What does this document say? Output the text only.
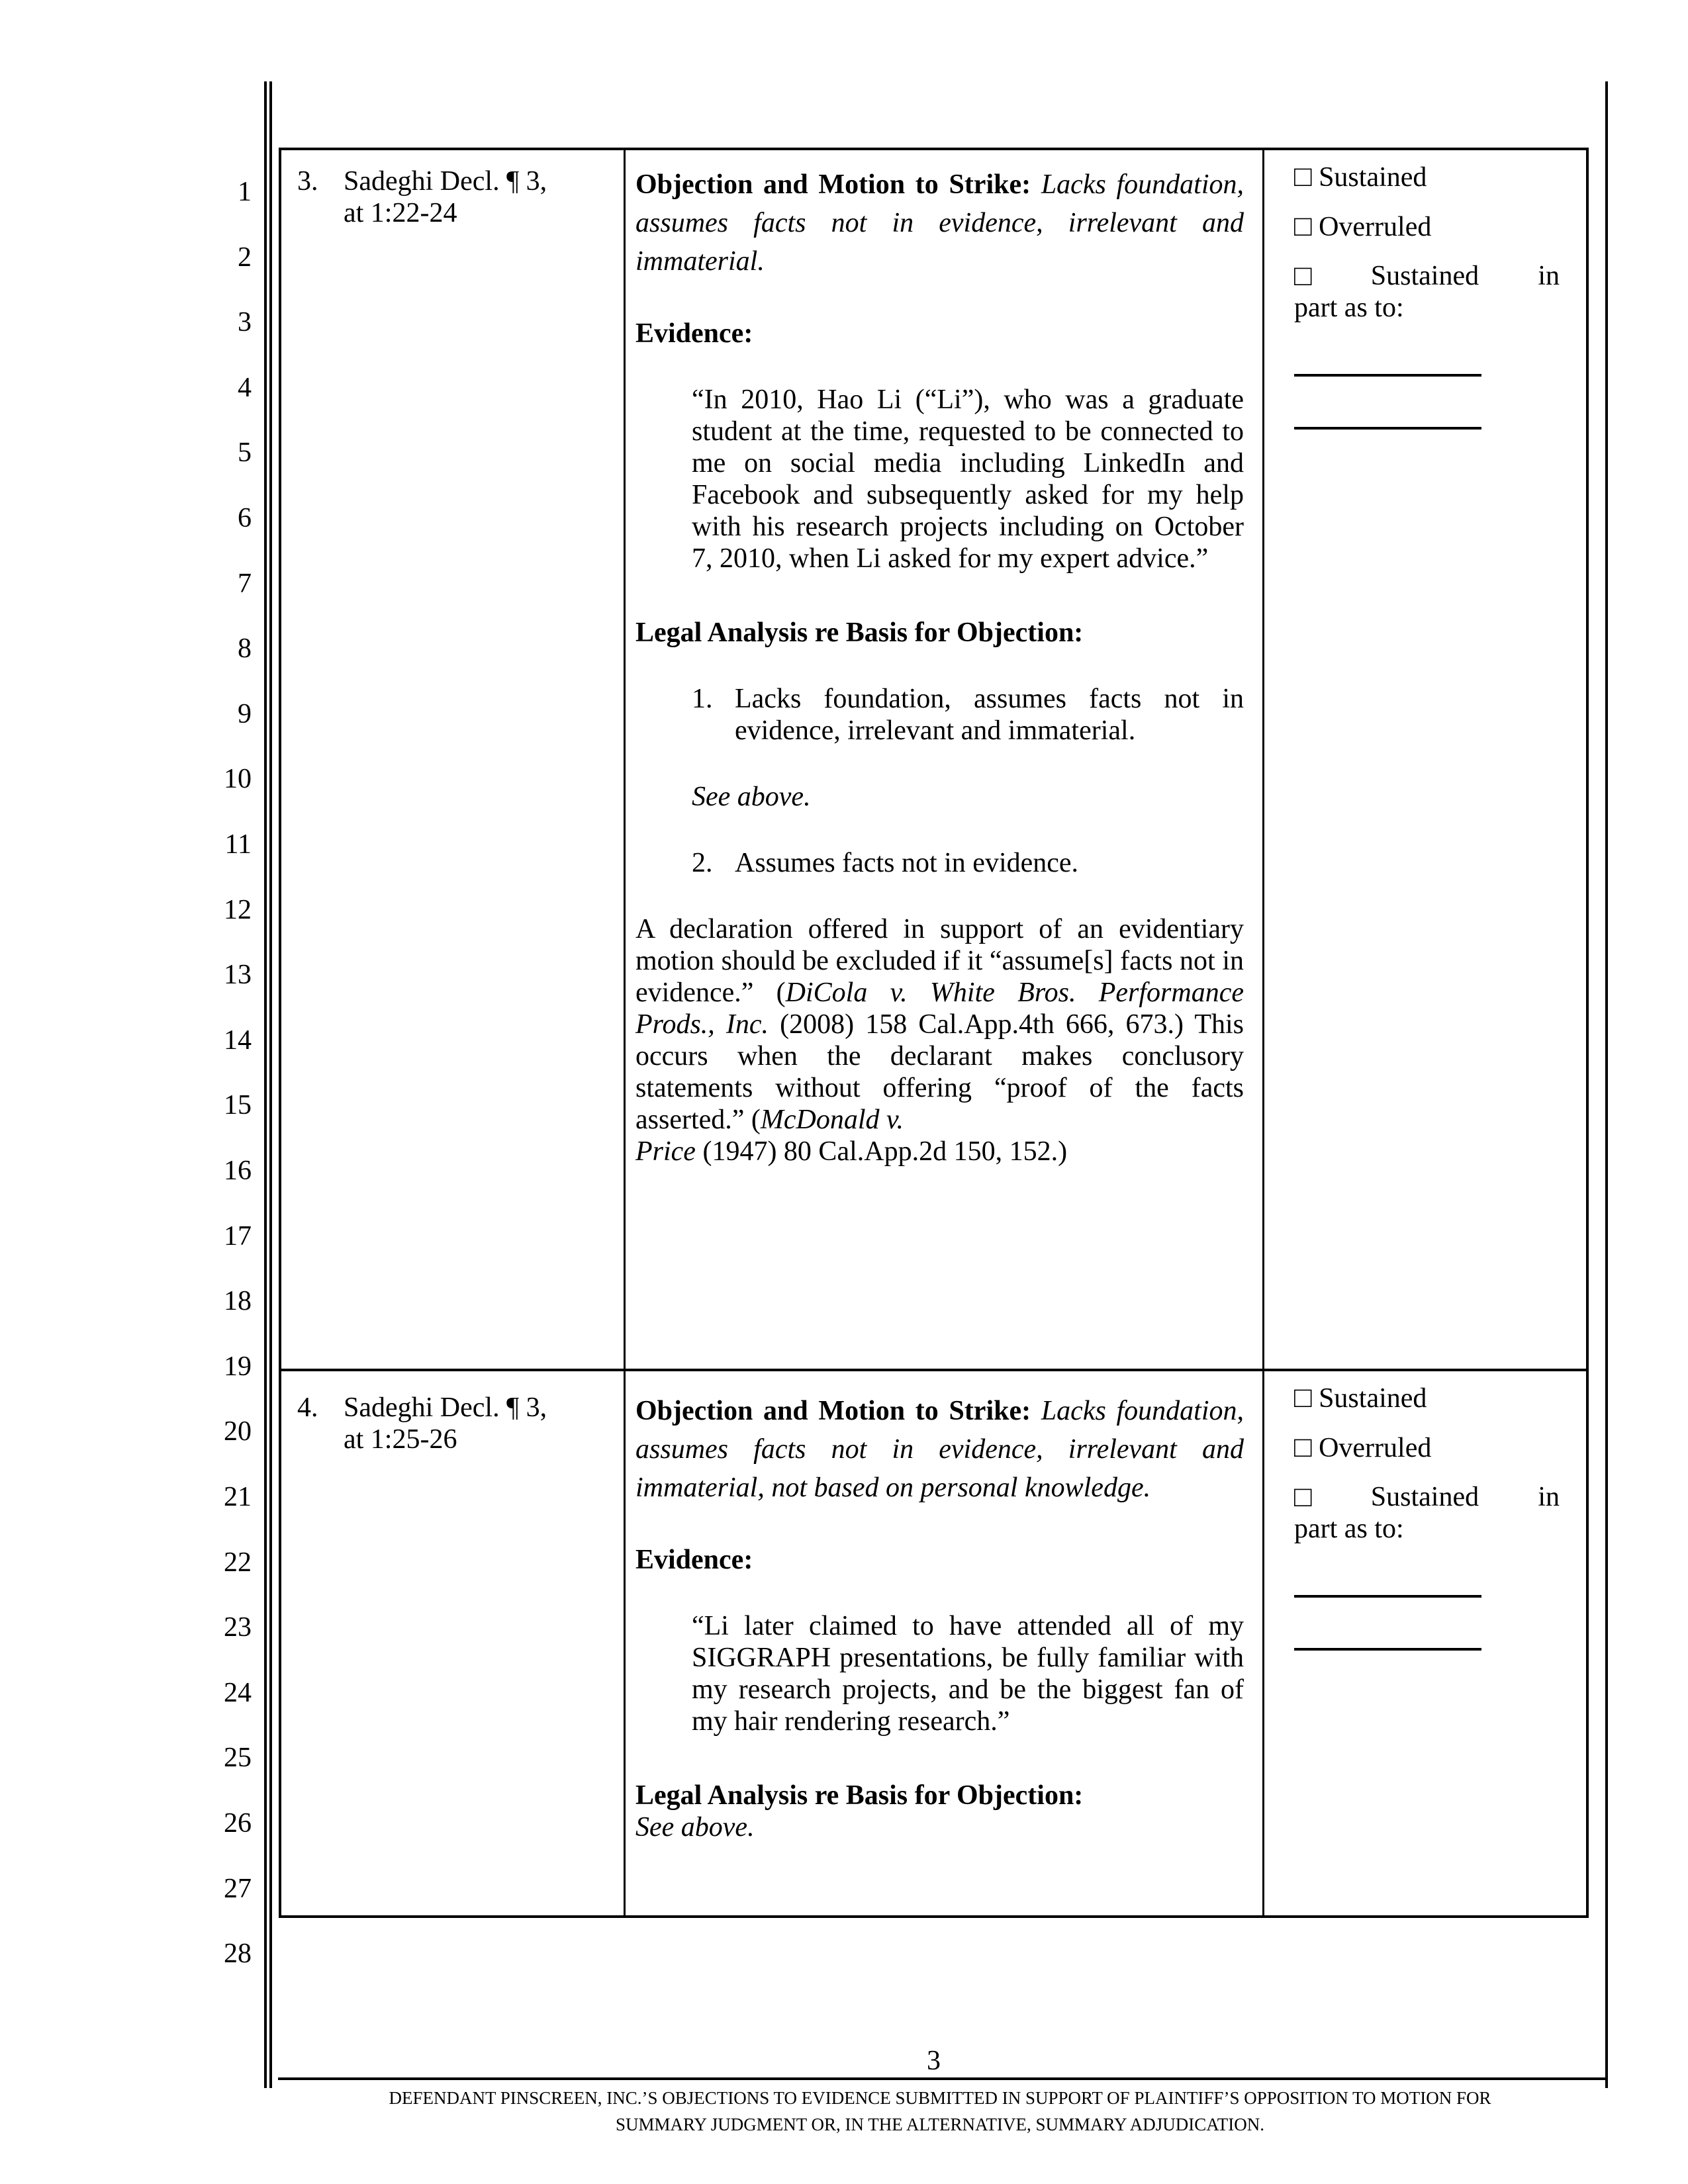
1
2
3
4
5
6
7
8
9
10
11
12
13
14
15
16
17
18
19
20
21
22
23
24
25
26
27
28
3. Sadeghi Decl. ¶ 3,
at 1:22-24

Objection and Motion to Strike: Lacks foundation, assumes facts not in evidence, irrelevant and immaterial.

Evidence:

“In 2010, Hao Li (“Li”), who was a graduate student at the time, requested to be connected to me on social media including LinkedIn and Facebook and subsequently asked for my help with his research projects including on October 7, 2010, when Li asked for my expert advice.”

Legal Analysis re Basis for Objection:

1. Lacks foundation, assumes facts not in evidence, irrelevant and immaterial.

See above.

2. Assumes facts not in evidence.

A declaration offered in support of an evidentiary motion should be excluded if it “assume[s] facts not in evidence.” (DiCola v. White Bros. Performance Prods., Inc. (2008) 158 Cal.App.4th 666, 673.) This occurs when the declarant makes conclusory statements without offering “proof of the facts asserted.” (McDonald v.
Price (1947) 80 Cal.App.2d 150, 152.)

□ Sustained
□ Overruled
□ Sustained in
part as to:
4. Sadeghi Decl. ¶ 3,
at 1:25-26

Objection and Motion to Strike: Lacks foundation, assumes facts not in evidence, irrelevant and immaterial, not based on personal knowledge.

Evidence:

“Li later claimed to have attended all of my SIGGRAPH presentations, be fully familiar with my research projects, and be the biggest fan of my hair rendering research.”

Legal Analysis re Basis for Objection:

See above.

□ Sustained
□ Overruled
□ Sustained in
part as to:
3
DEFENDANT PINSCREEN, INC.’S OBJECTIONS TO EVIDENCE SUBMITTED IN SUPPORT OF PLAINTIFF’S OPPOSITION TO MOTION FOR
SUMMARY JUDGMENT OR, IN THE ALTERNATIVE, SUMMARY ADJUDICATION.
